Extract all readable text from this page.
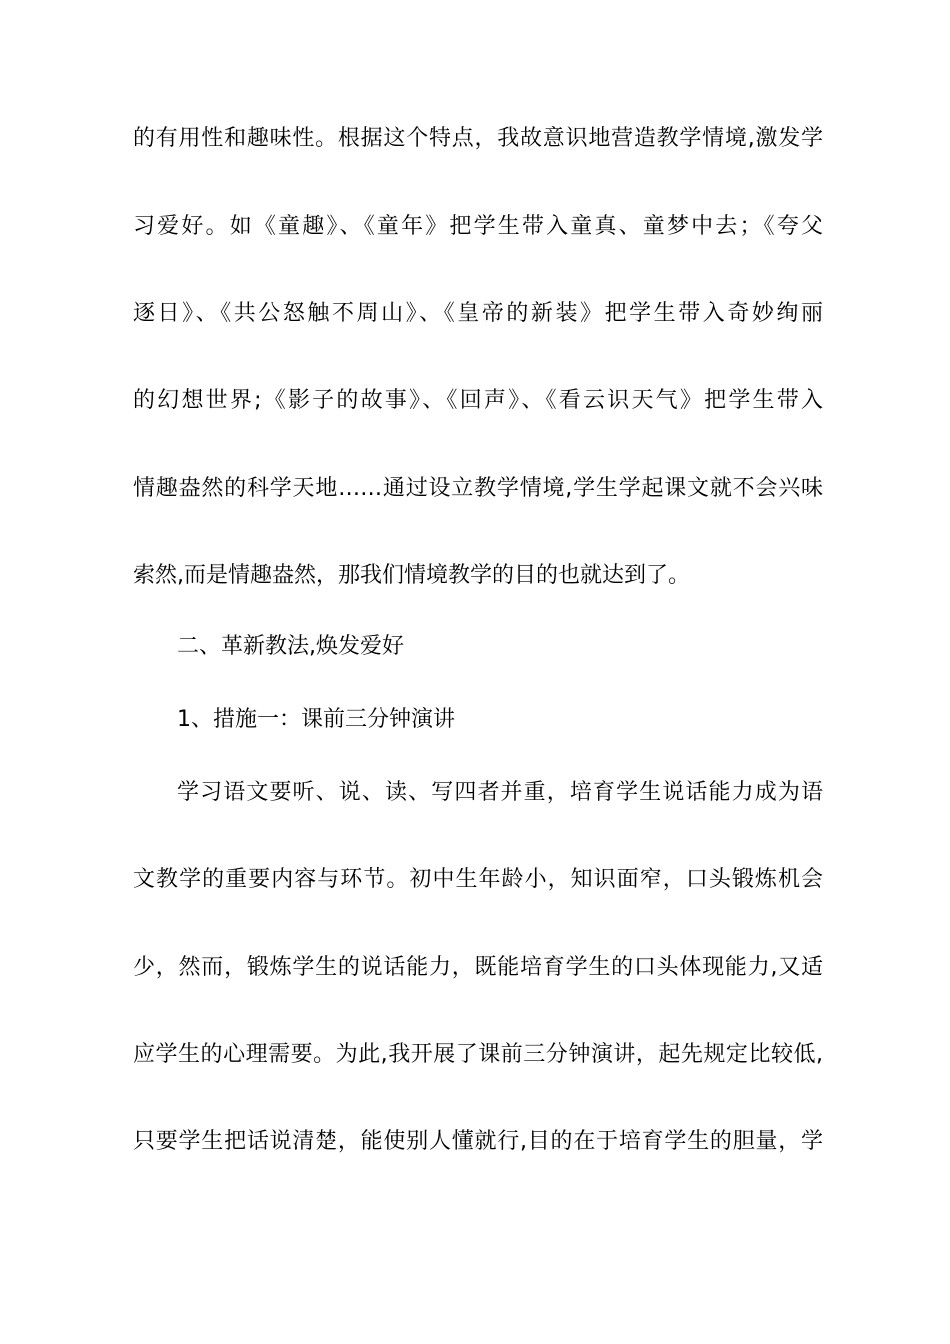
的有用性和趣味性。根据这个特点，我故意识地营造教学情境,激发学
习爱好。如《童趣》、《童年》把学生带入童真、童梦中去；《夸父
逐日》、《共公怒触不周山》、《皇帝的新装》把学生带入奇妙绚丽
的幻想世界;《影子的故事》、《回声》、《看云识天气》把学生带入
情趣盎然的科学天地……通过设立教学情境,学生学起课文就不会兴味
索然,而是情趣盎然，那我们情境教学的目的也就达到了。
二、革新教法,焕发爱好
1、措施一：课前三分钟演讲
学习语文要听、说、读、写四者并重，培育学生说话能力成为语
文教学的重要内容与环节。初中生年龄小，知识面窄，口头锻炼机会
少，然而，锻炼学生的说话能力，既能培育学生的口头体现能力,又适
应学生的心理需要。为此,我开展了课前三分钟演讲，起先规定比较低,
只要学生把话说清楚，能使别人懂就行,目的在于培育学生的胆量，学
